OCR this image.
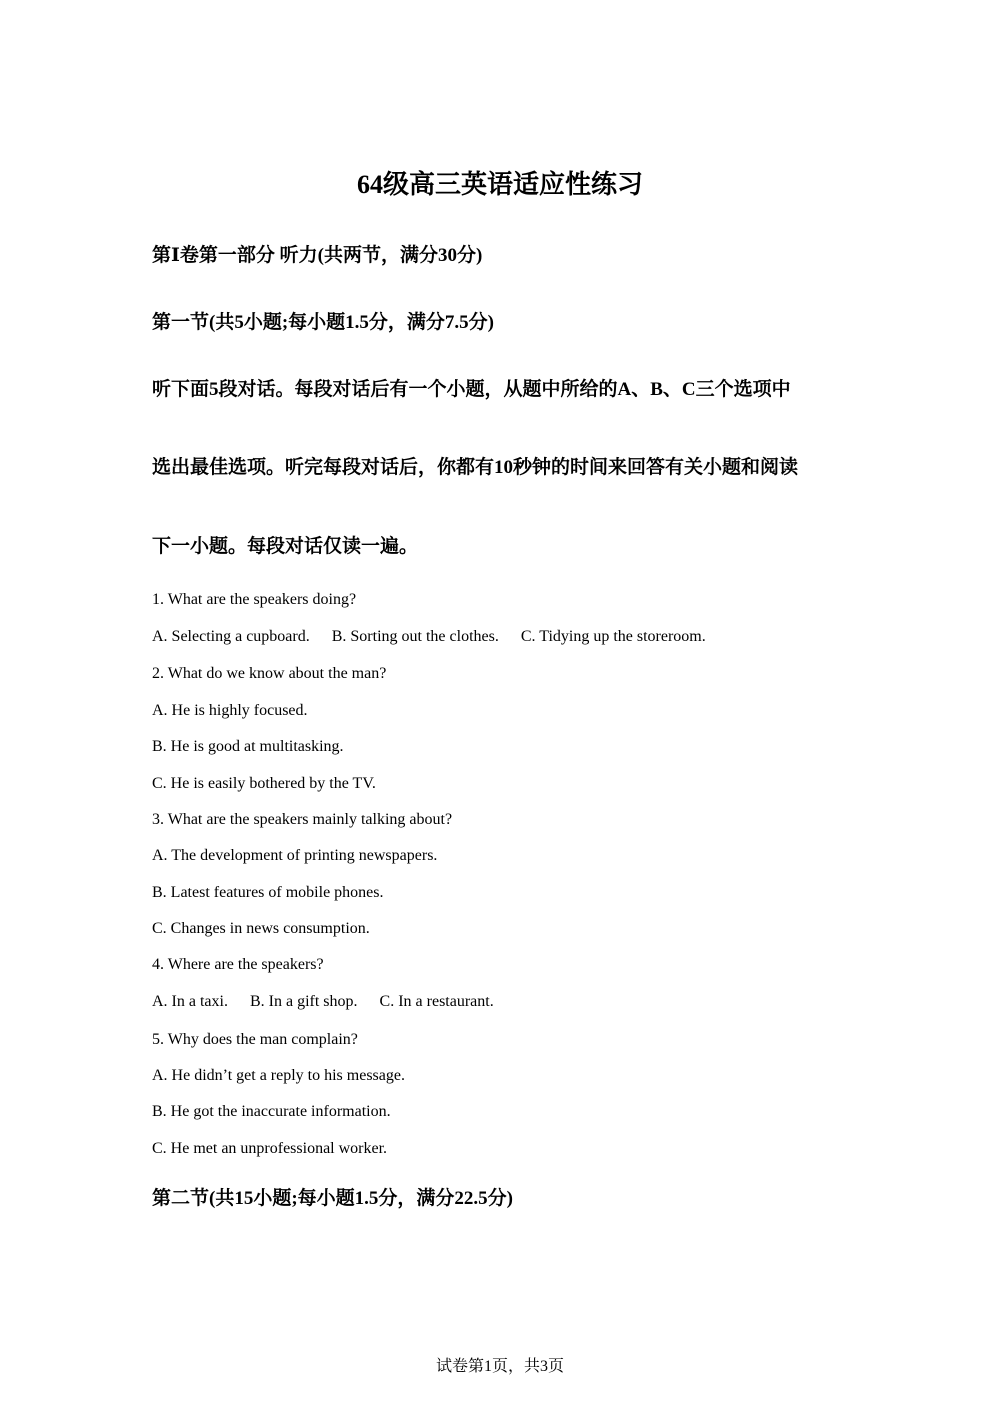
64级高三英语适应性练习
第Ⅰ卷第一部分 听力(共两节，满分30分)
第一节(共5小题;每小题1.5分，满分7.5分)
听下面5段对话。每段对话后有一个小题，从题中所给的A、B、C三个选项中
选出最佳选项。听完每段对话后，你都有10秒钟的时间来回答有关小题和阅读
下一小题。每段对话仅读一遍。
1. What are the speakers doing?
A. Selecting a cupboard. B. Sorting out the clothes. C. Tidying up the storeroom.
2. What do we know about the man?
A. He is highly focused.
B. He is good at multitasking.
C. He is easily bothered by the TV.
3. What are the speakers mainly talking about?
A. The development of printing newspapers.
B. Latest features of mobile phones.
C. Changes in news consumption.
4. Where are the speakers?
A. In a taxi. B. In a gift shop. C. In a restaurant.
5. Why does the man complain?
A. He didn’t get a reply to his message.
B. He got the inaccurate information.
C. He met an unprofessional worker.
第二节(共15小题;每小题1.5分，满分22.5分)
试卷第1页，共3页
